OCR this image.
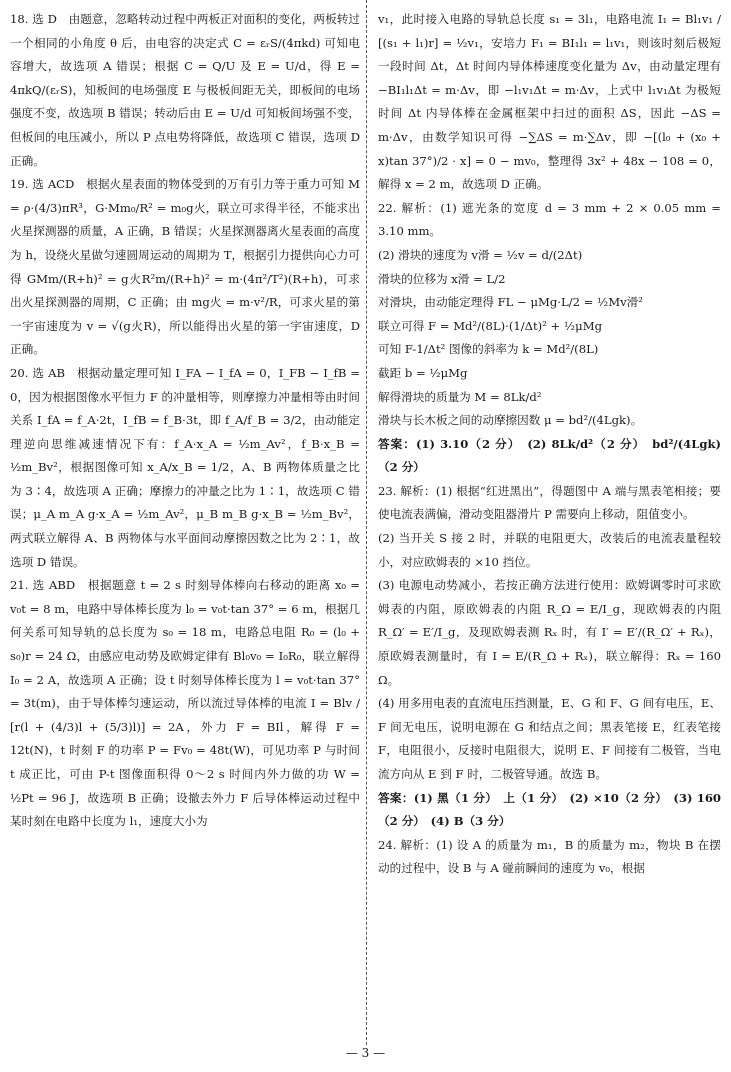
18. 选 D　由题意，忽略转动过程中两板正对面积的变化，两板转过一个相同的小角度 θ 后，由电容的决定式 C = εᵣS/(4πkd) 可知电容增大，故选项 A 错误；根据 C = Q/U 及 E = U/d，得 E = 4πkQ/(εᵣS)，知板间的电场强度 E 与极板间距无关，即板间的电场强度不变，故选项 B 错误；转动后由 E = U/d 可知板间场强不变，但板间的电压减小，所以 P 点电势将降低，故选项 C 错误，选项 D 正确。
19. 选 ACD　根据火星表面的物体受到的万有引力等于重力可知 M = ρ·(4/3)πR³，G·Mm₀/R² = m₀g火，联立可求得半径，不能求出火星探测器的质量，A 正确，B 错误；火星探测器离火星表面的高度为 h，设绕火星做匀速圆周运动的周期为 T，根据引力提供向心力可得 GMm/(R+h)² = g火R²m/(R+h)² = m·(4π²/T²)(R+h)，可求出火星探测器的周期，C 正确；由 mg火 = m·v²/R，可求火星的第一宇宙速度为 v = √(g火R)，所以能得出火星的第一宇宙速度，D 正确。
20. 选 AB　根据动量定理可知 I_FA − I_fA = 0，I_FB − I_fB = 0，因为根据图像水平恒力 F 的冲量相等，则摩擦力冲量相等由时间关系 I_fA = f_A·2t，I_fB = f_B·3t，即 f_A/f_B = 3/2，由动能定理逆向思维减速情况下有：f_A·x_A = ½m_Av²，f_B·x_B = ½m_Bv²，根据图像可知 x_A/x_B = 1/2，A、B 两物体质量之比为 3∶4，故选项 A 正确；摩擦力的冲量之比为 1∶1，故选项 C 错误；μ_A m_A g·x_A = ½m_Av²，μ_B m_B g·x_B = ½m_Bv²，两式联立解得 A、B 两物体与水平面间动摩擦因数之比为 2∶1，故选项 D 错误。
21. 选 ABD　根据题意 t = 2 s 时刻导体棒向右移动的距离 x₀ = v₀t = 8 m，电路中导体棒长度为 l₀ = v₀t·tan 37° = 6 m，根据几何关系可知导轨的总长度为 s₀ = 18 m，电路总电阻 R₀ = (l₀ + s₀)r = 24 Ω，由感应电动势及欧姆定律有 Bl₀v₀ = I₀R₀，联立解得 I₀ = 2 A，故选项 A 正确；设 t 时刻导体棒长度为 l = v₀t·tan 37° = 3t(m)，由于导体棒匀速运动，所以流过导体棒的电流 I = Blv / [r(l + (4/3)l + (5/3)l)] = 2A，外力 F = BIl，解得 F = 12t(N)，t 时刻 F 的功率 P = Fv₀ = 48t(W)，可见功率 P 与时间 t 成正比，可由 P-t 图像面积得 0～2 s 时间内外力做的功 W = ½Pt = 96 J，故选项 B 正确；设撤去外力 F 后导体棒运动过程中某时刻在电路中长度为 l₁，速度大小为
v₁，此时接入电路的导轨总长度 s₁ = 3l₁，电路电流 I₁ = Bl₁v₁ / [(s₁ + l₁)r] = ½v₁，安培力 F₁ = BI₁l₁ = l₁v₁，则该时刻后极短一段时间 Δt，Δt 时间内导体棒速度变化量为 Δv，由动量定理有 −BI₁l₁Δt = m·Δv，即 −l₁v₁Δt = m·Δv，上式中 l₁v₁Δt 为极短时间 Δt 内导体棒在金属框架中扫过的面积 ΔS，因此 −ΔS = m·Δv，由数学知识可得 −∑ΔS = m·∑Δv，即 −[(l₀ + (x₀ + x)tan 37°)/2 · x] = 0 − mv₀，整理得 3x² + 48x − 108 = 0，解得 x = 2 m，故选项 D 正确。
22. 解析：(1) 遮光条的宽度 d = 3 mm + 2 × 0.05 mm = 3.10 mm。
(2) 滑块的速度为 v滑 = ½v = d/(2Δt)
滑块的位移为 x滑 = L/2
对滑块，由动能定理得 FL − μMg·L/2 = ½Mv滑²
联立可得 F = Md²/(8L)·(1/Δt)² + ½μMg
可知 F-1/Δt² 图像的斜率为 k = Md²/(8L)
截距 b = ½μMg
解得滑块的质量为 M = 8Lk/d²
滑块与长木板之间的动摩擦因数 μ = bd²/(4Lgk)。
答案：(1) 3.10（2 分）　(2) 8Lk/d²（2 分）　bd²/(4Lgk)（2 分）
23. 解析：(1) 根据“红进黑出”，得题图中 A 端与黑表笔相接；要使电流表满偏，滑动变阻器滑片 P 需要向上移动，阻值变小。
(2) 当开关 S 接 2 时，并联的电阻更大，改装后的电流表量程较小，对应欧姆表的 ×10 挡位。
(3) 电源电动势减小，若按正确方法进行使用：欧姆调零时可求欧姆表的内阻，原欧姆表的内阻 R_Ω = E/I_g，现欧姆表的内阻 R_Ω′ = E′/I_g，及现欧姆表测 Rₓ 时，有 I′ = E′/(R_Ω′ + Rₓ)，原欧姆表测量时，有 I = E/(R_Ω + Rₓ)，联立解得：Rₓ = 160 Ω。
(4) 用多用电表的直流电压挡测量，E、G 和 F、G 间有电压，E、F 间无电压，说明电源在 G 和结点之间；黑表笔接 E，红表笔接 F，电阻很小，反接时电阻很大，说明 E、F 间接有二极管，当电流方向从 E 到 F 时，二极管导通。故选 B。
答案：(1) 黑（1 分）　上（1 分）　(2) ×10（2 分）　(3) 160（2 分）　(4) B（3 分）
24. 解析：(1) 设 A 的质量为 m₁，B 的质量为 m₂，物块 B 在摆动的过程中，设 B 与 A 碰前瞬间的速度为 v₀，根据
— 3 —
